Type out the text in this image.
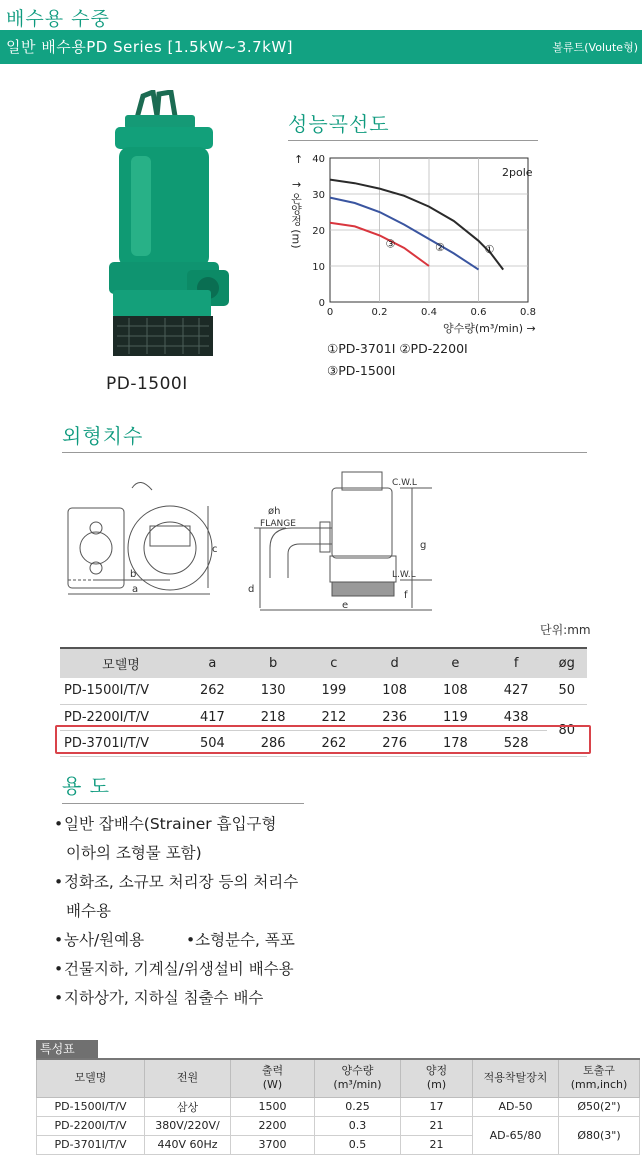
배수용 수중
일반 배수용PD Series [1.5kW~3.7kW]	볼류트(Volute형)
PD-1500I
성능곡선도
①
②
③
0	0.2	0.4	0.6	0.8
0
10
20
30
40
2pole
↑
↑ 온양정 (m)
양수량(m³/min) →
①PD-3701I ②PD-2200I
③PD-1500I
외형치수
b
a
c
d
øh
FLANGE
C.W.L
L.W.L
g
f
e
단위:mm
모델명	a	b	c	d	e	f	øg
PD-1500I/T/V	262	130	199	108	108	427	50
PD-2200I/T/V	417	218	212	236	119	438	80
PD-3701I/T/V	504	286	262	276	178	528	
용 도
• 일반 잡배수(Strainer 흡입구형
이하의 조형물 포함)
• 정화조, 소규모 처리장 등의 처리수
배수용
• 농사/원예용	•소형분수, 폭포
• 건물지하, 기계실/위생설비 배수용
• 지하상가, 지하실 침출수 배수
특성표
모델명	전원	출력
(W)	양수량
(m³/min)	양정
(m)	적용착탈장치	토출구
(mm,inch)
PD-1500I/T/V	삼상	1500	0.25	17	AD-50	Ø50(2")
PD-2200I/T/V	380V/220V/	2200	0.3	21	AD-65/80	Ø80(3")
PD-3701I/T/V	440V 60Hz	3700	0.5	21		
